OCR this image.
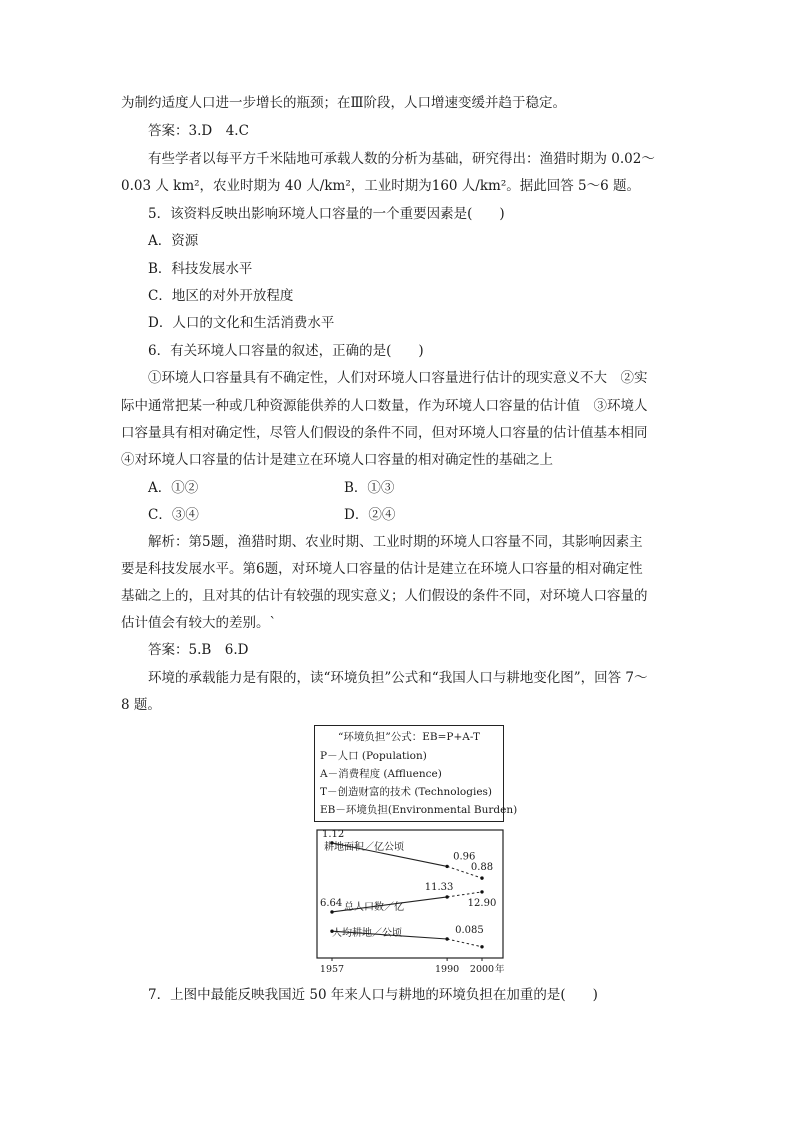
为制约适度人口进一步增长的瓶颈；在Ⅲ阶段，人口增速变缓并趋于稳定。
答案：3.D　4.C
有些学者以每平方千米陆地可承载人数的分析为基础，研究得出：渔猎时期为 0.02～
0.03 人 km²，农业时期为 40 人/km²，工业时期为160 人/km²。据此回答 5～6 题。
5．该资料反映出影响环境人口容量的一个重要因素是(　　)
A．资源
B．科技发展水平
C．地区的对外开放程度
D．人口的文化和生活消费水平
6．有关环境人口容量的叙述，正确的是(　　)
①环境人口容量具有不确定性，人们对环境人口容量进行估计的现实意义不大　②实
际中通常把某一种或几种资源能供养的人口数量，作为环境人口容量的估计值　③环境人
口容量具有相对确定性，尽管人们假设的条件不同，但对环境人口容量的估计值基本相同
④对环境人口容量的估计是建立在环境人口容量的相对确定性的基础之上
A．①②	B．①③
C．③④	D．②④
解析：第5题，渔猎时期、农业时期、工业时期的环境人口容量不同，其影响因素主
要是科技发展水平。第6题，对环境人口容量的估计是建立在环境人口容量的相对确定性
基础之上的，且对其的估计有较强的现实意义；人们假设的条件不同，对环境人口容量的
估计值会有较大的差别。`
答案：5.B　6.D
环境的承载能力是有限的，读“环境负担”公式和“我国人口与耕地变化图”，回答 7～
8 题。
“环境负担”公式：EB=P+A-T
P－人口 (Population)
A－消费程度 (Affluence)
T－创造财富的技术 (Technologies)
EB－环境负担(Environmental Burden)
1.12
0.96
0.88
耕地面积／亿公顷
6.64
11.33
12.90
总人口数／亿
0.085
人均耕地／公顷
1957	1990 2000 年
7．上图中最能反映我国近 50 年来人口与耕地的环境负担在加重的是(　　)
